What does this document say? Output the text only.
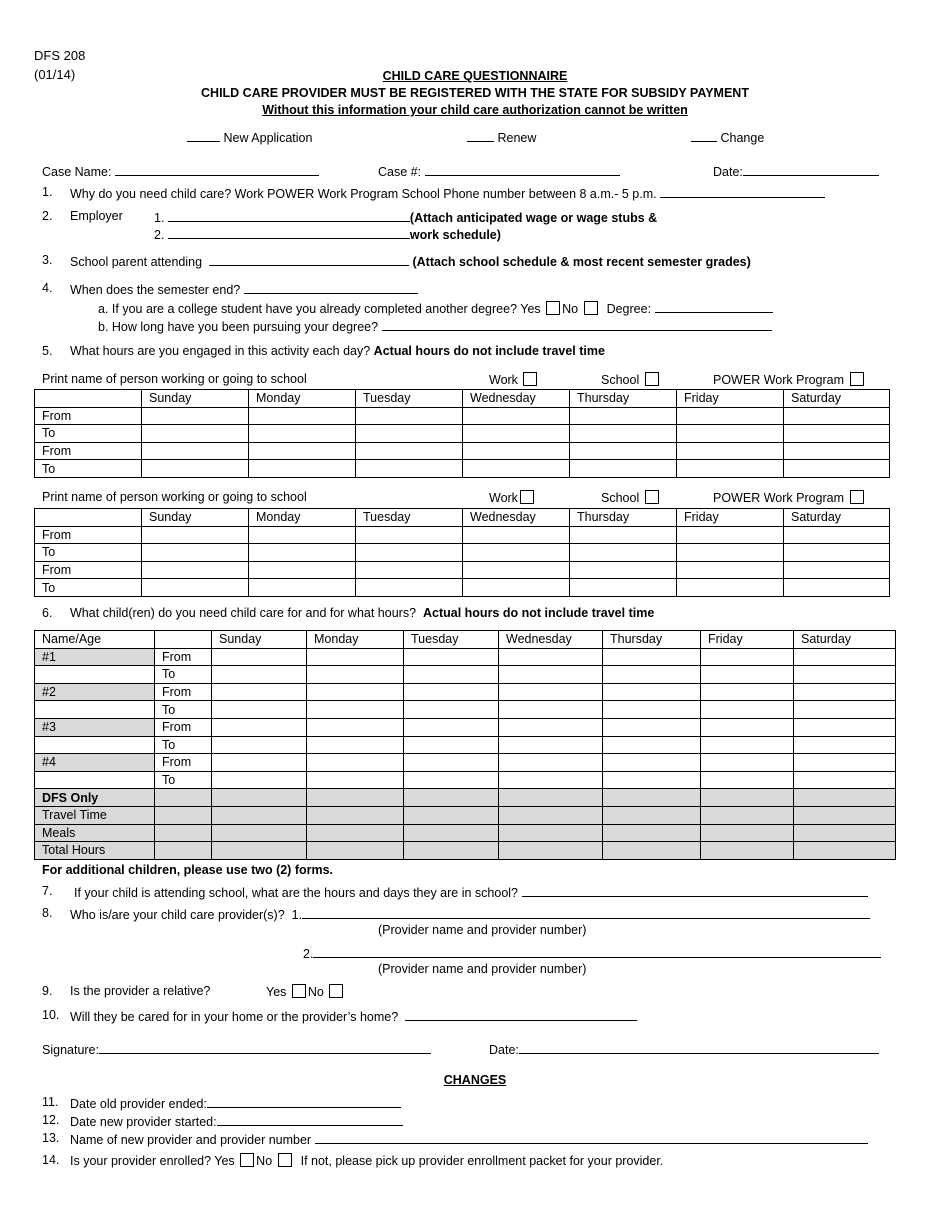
DFS 208
(01/14)	CHILD CARE QUESTIONNAIRE
CHILD CARE PROVIDER MUST BE REGISTERED WITH THE STATE FOR SUBSIDY PAYMENT
Without this information your child care authorization cannot be written
New Application	Renew	Change
Case Name:	Case #:	Date:
1. Why do you need child care? Work POWER Work Program School Phone number between 8 a.m.- 5 p.m.
2. Employer 1.	(Attach anticipated wage or wage stubs &
2.	work schedule)
3. School parent attending	(Attach school schedule & most recent semester grades)
4. When does the semester end?
a. If you are a college student have you already completed another degree? Yes No Degree:
b. How long have you been pursuing your degree?
5. What hours are you engaged in this activity each day? Actual hours do not include travel time
Print name of person working or going to school	Work	School	POWER Work Program
	Sunday	Monday	Tuesday	Wednesday	Thursday	Friday	Saturday
From							
To							
From							
To							
Print name of person working or going to school	Work	School	POWER Work Program
	Sunday	Monday	Tuesday	Wednesday	Thursday	Friday	Saturday
From							
To							
From							
To							
6. What child(ren) do you need child care for and for what hours? Actual hours do not include travel time
Name/Age		Sunday	Monday	Tuesday	Wednesday	Thursday	Friday	Saturday
#1	From							
	To							
#2	From							
	To							
#3	From							
	To							
#4	From							
	To							
DFS Only								
Travel Time								
Meals								
Total Hours								
For additional children, please use two (2) forms.
7. If your child is attending school, what are the hours and days they are in school?
8. Who is/are your child care provider(s)? 1.
(Provider name and provider number)
2.
(Provider name and provider number)
9. Is the provider a relative?	Yes No
10. Will they be cared for in your home or the provider’s home?
Signature:	Date:
CHANGES
11. Date old provider ended:
12. Date new provider started:
13. Name of new provider and provider number
14. Is your provider enrolled? Yes No If not, please pick up provider enrollment packet for your provider.
